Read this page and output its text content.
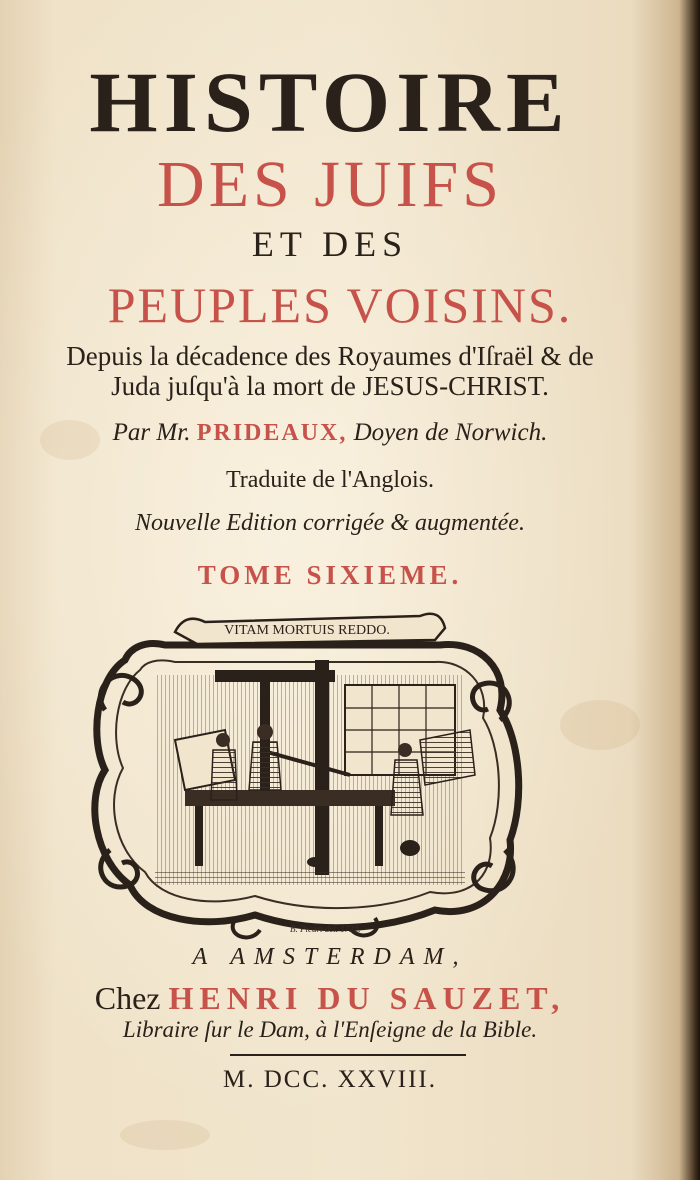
HISTOIRE
DES JUIFS
ET DES
PEUPLES VOISINS.
Depuis la décadence des Royaumes d'Iſraël & de
Juda juſqu'à la mort de JESUS-CHRIST.
Par Mr. PRIDEAUX, Doyen de Norwich.
Traduite de l'Anglois.
Nouvelle Edition corrigée & augmentée.
TOME SIXIEME.
VITAM MORTUIS REDDO.
B. Picart del. 1722.
A AMSTERDAM,
Chez HENRI DU SAUZET,
Libraire ſur le Dam, à l'Enſeigne de la Bible.
M. DCC. XXVIII.
